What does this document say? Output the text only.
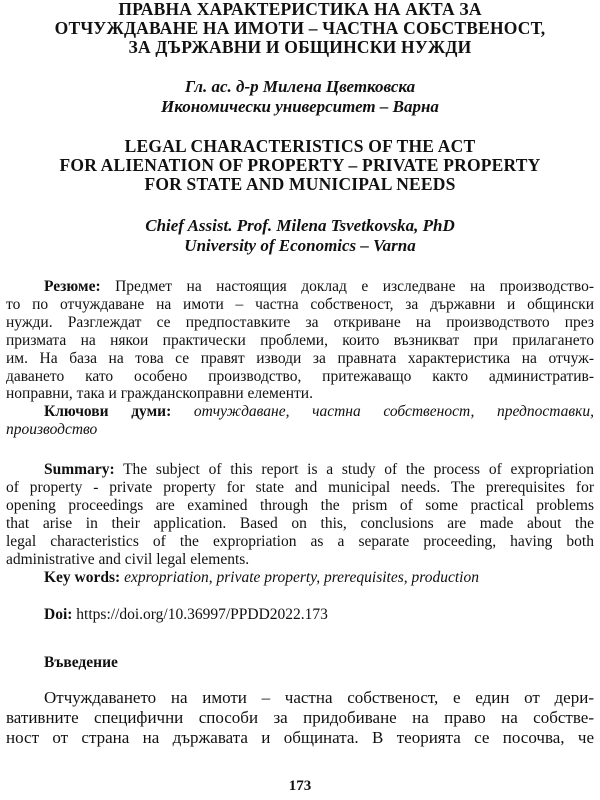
ПРАВНА ХАРАКТЕРИСТИКА НА АКТА ЗА
ОТЧУЖДАВАНЕ НА ИМОТИ – ЧАСТНА СОБСТВЕНОСТ,
ЗА ДЪРЖАВНИ И ОБЩИНСКИ НУЖДИ
Гл. ас. д-р Милена Цветковска
Икономически университет – Варна
LEGAL CHARACTERISTICS OF THE ACT
FOR ALIENATION OF PROPERTY – PRIVATE PROPERTY
FOR STATE AND MUNICIPAL NEEDS
Chief Assist. Prof. Milena Tsvetkovska, PhD
University of Economics – Varna
Резюме: Предмет на настоящия доклад е изследване на производство-
то по отчуждаване на имоти – частна собственост, за държавни и общински
нужди. Разглеждат се предпоставките за откриване на производството през
призмата на някои практически проблеми, които възникват при прилагането
им. На база на това се правят изводи за правната характеристика на отчуж-
даването като особено производство, притежаващо както административ-
ноправни, така и гражданскоправни елементи.
Ключови думи: отчуждаване, частна собственост, предпоставки,
производство
Summary: The subject of this report is a study of the process of expropriation
of property - private property for state and municipal needs. The prerequisites for
opening proceedings are examined through the prism of some practical problems
that arise in their application. Based on this, conclusions are made about the
legal characteristics of the expropriation as a separate proceeding, having both
administrative and civil legal elements.
Key words: expropriation, private property, prerequisites, production
Doi: https://doi.org/10.36997/PPDD2022.173
Въведение
Отчуждаването на имоти – частна собственост, е един от дери-
вативните специфични способи за придобиване на право на собстве-
ност от страна на държавата и общината. В теорията се посочва, че
173
